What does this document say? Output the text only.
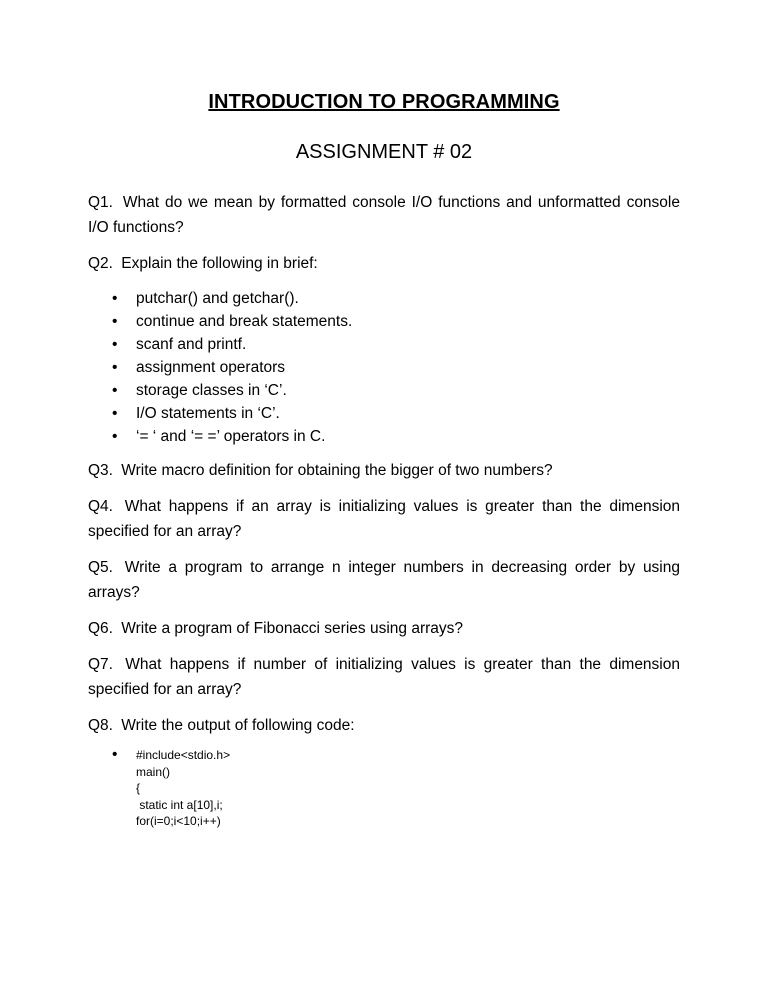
INTRODUCTION TO PROGRAMMING
ASSIGNMENT # 02

Q1. What do we mean by formatted console I/O functions and unformatted console I/O functions?

Q2. Explain the following in brief:

• putchar() and getchar().
• continue and break statements.
• scanf and printf.
• assignment operators
• storage classes in ‘C’.
• I/O statements in ‘C’.
• ‘= ‘ and ‘= =’ operators in C.

Q3. Write macro definition for obtaining the bigger of two numbers?

Q4. What happens if an array is initializing values is greater than the dimension specified for an array?

Q5. Write a program to arrange n integer numbers in decreasing order by using arrays?

Q6. Write a program of Fibonacci series using arrays?

Q7. What happens if number of initializing values is greater than the dimension specified for an array?

Q8. Write the output of following code:

• #include<stdio.h>
main()
{
static int a[10],i;
for(i=0;i<10;i++)
